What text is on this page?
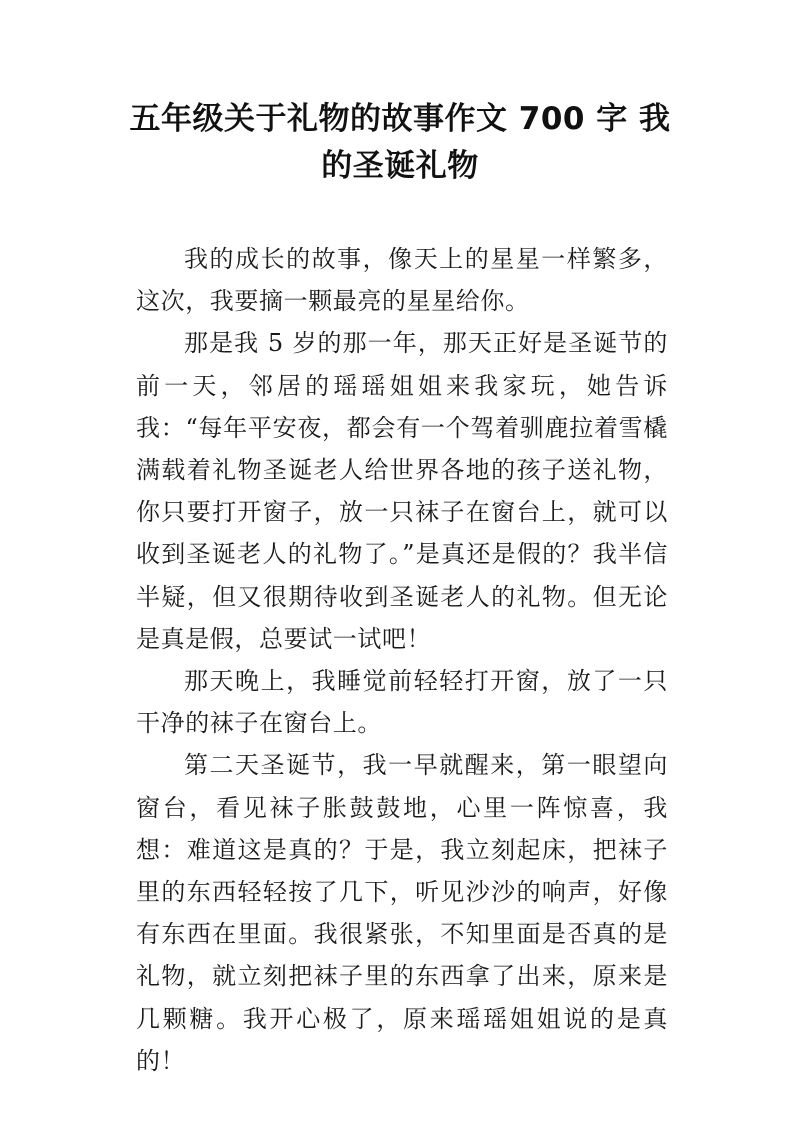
五年级关于礼物的故事作文 700 字 我的圣诞礼物

我的成长的故事，像天上的星星一样繁多，这次，我要摘一颗最亮的星星给你。

那是我 5 岁的那一年，那天正好是圣诞节的前一天，邻居的瑶瑶姐姐来我家玩，她告诉我：“每年平安夜，都会有一个驾着驯鹿拉着雪橇满载着礼物圣诞老人给世界各地的孩子送礼物，你只要打开窗子，放一只袜子在窗台上，就可以收到圣诞老人的礼物了。”是真还是假的？我半信半疑，但又很期待收到圣诞老人的礼物。但无论是真是假，总要试一试吧！

那天晚上，我睡觉前轻轻打开窗，放了一只干净的袜子在窗台上。

第二天圣诞节，我一早就醒来，第一眼望向窗台，看见袜子胀鼓鼓地，心里一阵惊喜，我想：难道这是真的？于是，我立刻起床，把袜子里的东西轻轻按了几下，听见沙沙的响声，好像有东西在里面。我很紧张，不知里面是否真的是礼物，就立刻把袜子里的东西拿了出来，原来是几颗糖。我开心极了，原来瑶瑶姐姐说的是真的！
